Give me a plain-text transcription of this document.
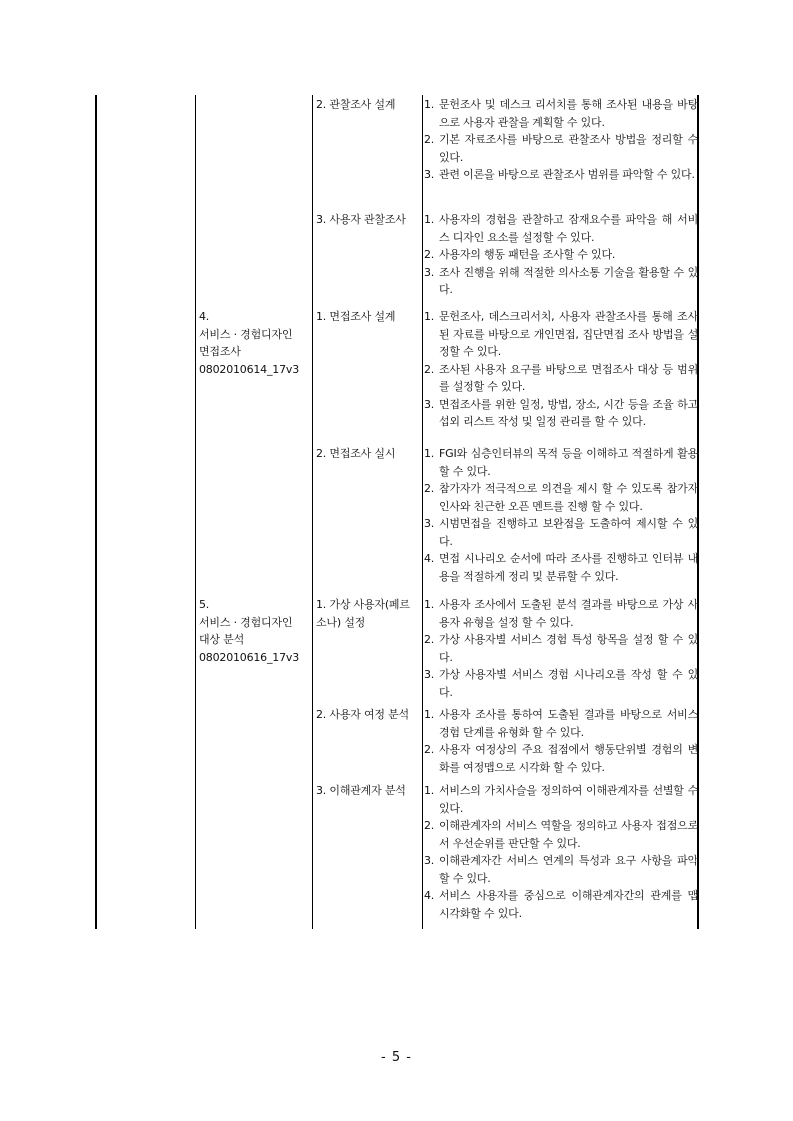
4.
서비스 · 경험디자인
면접조사
0802010614_17v3
5.
서비스 · 경험디자인
대상 분석
0802010616_17v3
2. 관찰조사 설계
3. 사용자 관찰조사
1. 면접조사 설계
2. 면접조사 실시
1. 가상 사용자(페르 소나) 설정
2. 사용자 여정 분석
3. 이해관계자 분석
1. 문헌조사 및 데스크 리서치를 통해 조사된 내용을 바탕으로 사용자 관찰을 계획할 수 있다.
2. 기본 자료조사를 바탕으로 관찰조사 방법을 정리할 수 있다.
3. 관련 이론을 바탕으로 관찰조사 범위를 파악할 수 있다.
1. 사용자의 경험을 관찰하고 잠재요수를 파악을 해 서비스 디자인 요소를 설정할 수 있다.
2. 사용자의 행동 패턴을 조사할 수 있다.
3. 조사 진행을 위해 적절한 의사소통 기술을 활용할 수 있다.
1. 문헌조사, 데스크리서치, 사용자 관찰조사를 통해 조사된 자료를 바탕으로 개인면접, 집단면접 조사 방법을 설정할 수 있다.
2. 조사된 사용자 요구를 바탕으로 면접조사 대상 등 범위를 설정할 수 있다.
3. 면접조사를 위한 일정, 방법, 장소, 시간 등을 조율 하고 섭외 리스트 작성 및 일정 관리를 할 수 있다.
1. FGI와 심층인터뷰의 목적 등을 이해하고 적절하게 활용할 수 있다.
2. 참가자가 적극적으로 의견을 제시 할 수 있도록 참가자 인사와 친근한 오픈 멘트를 진행 할 수 있다.
3. 시범면접을 진행하고 보완점을 도출하여 제시할 수 있다.
4. 면접 시나리오 순서에 따라 조사를 진행하고 인터뷰 내용을 적절하게 정리 및 분류할 수 있다.
1. 사용자 조사에서 도출된 분석 결과를 바탕으로 가상 사용자 유형을 설정 할 수 있다.
2. 가상 사용자별 서비스 경험 특성 항목을 설정 할 수 있다.
3. 가상 사용자별 서비스 경험 시나리오를 작성 할 수 있다.
1. 사용자 조사를 통하여 도출된 결과를 바탕으로 서비스 경험 단계를 유형화 할 수 있다.
2. 사용자 여정상의 주요 접점에서 행동단위별 경험의 변화를 여정맵으로 시각화 할 수 있다.
1. 서비스의 가치사슬을 정의하여 이해관계자를 선별할 수 있다.
2. 이해관계자의 서비스 역할을 정의하고 사용자 접점으로서 우선순위를 판단할 수 있다.
3. 이해관계자간 서비스 연계의 특성과 요구 사항을 파악할 수 있다.
4. 서비스 사용자를 중심으로 이해관계자간의 관계를 맵 시각화할 수 있다.
- 5 -
